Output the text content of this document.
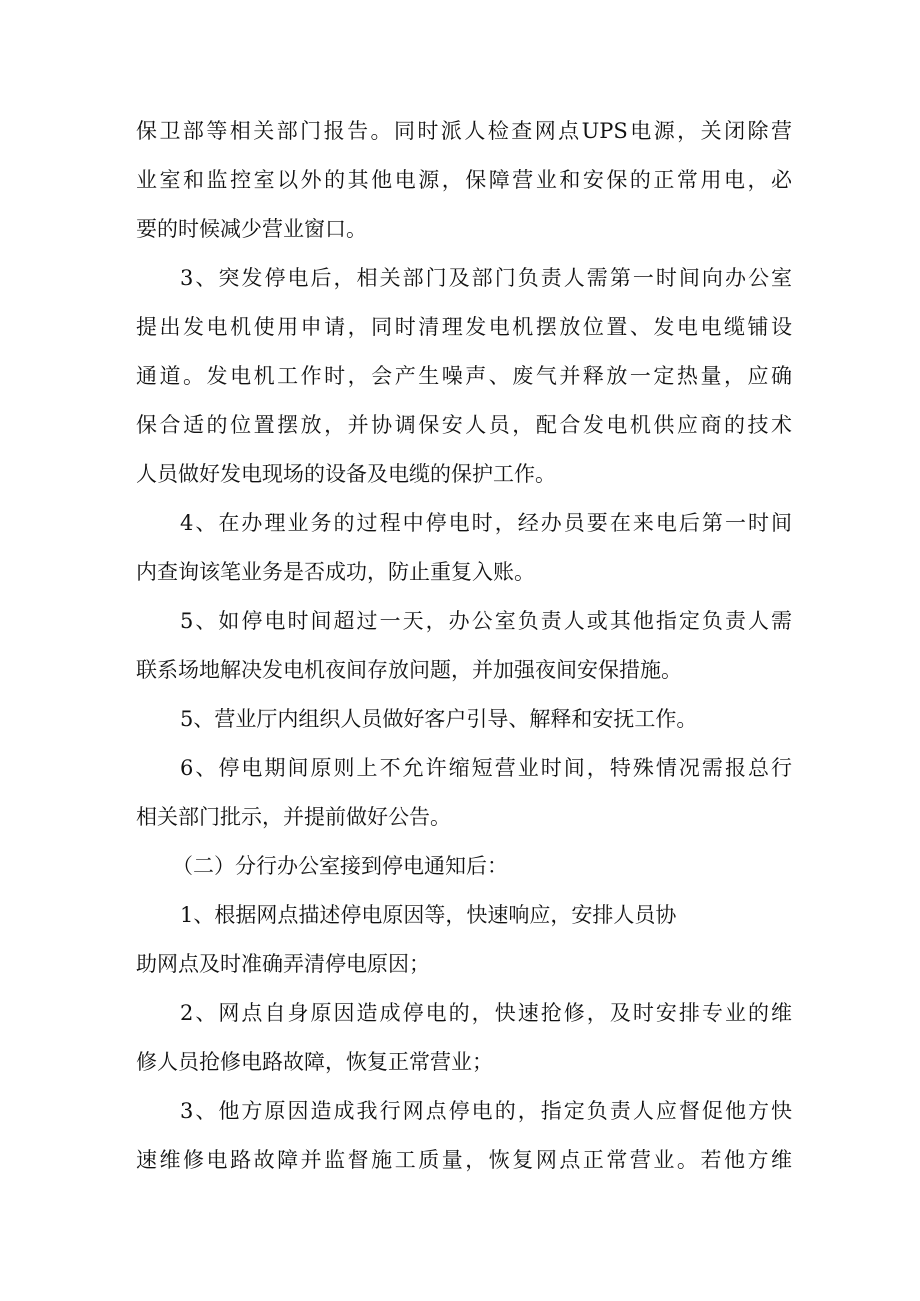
保卫部等相关部门报告。同时派人检查网点UPS电源，关闭除营
业室和监控室以外的其他电源，保障营业和安保的正常用电，必
要的时候减少营业窗口。
3、突发停电后，相关部门及部门负责人需第一时间向办公室
提出发电机使用申请，同时清理发电机摆放位置、发电电缆铺设
通道。发电机工作时，会产生噪声、废气并释放一定热量，应确
保合适的位置摆放，并协调保安人员，配合发电机供应商的技术
人员做好发电现场的设备及电缆的保护工作。
4、在办理业务的过程中停电时，经办员要在来电后第一时间
内查询该笔业务是否成功，防止重复入账。
5、如停电时间超过一天，办公室负责人或其他指定负责人需
联系场地解决发电机夜间存放问题，并加强夜间安保措施。
5、营业厅内组织人员做好客户引导、解释和安抚工作。
6、停电期间原则上不允许缩短营业时间，特殊情况需报总行
相关部门批示，并提前做好公告。
（二）分行办公室接到停电通知后：
1、根据网点描述停电原因等，快速响应，安排人员协
助网点及时准确弄清停电原因；
2、网点自身原因造成停电的，快速抢修，及时安排专业的维
修人员抢修电路故障，恢复正常营业；
3、他方原因造成我行网点停电的，指定负责人应督促他方快
速维修电路故障并监督施工质量，恢复网点正常营业。若他方维
